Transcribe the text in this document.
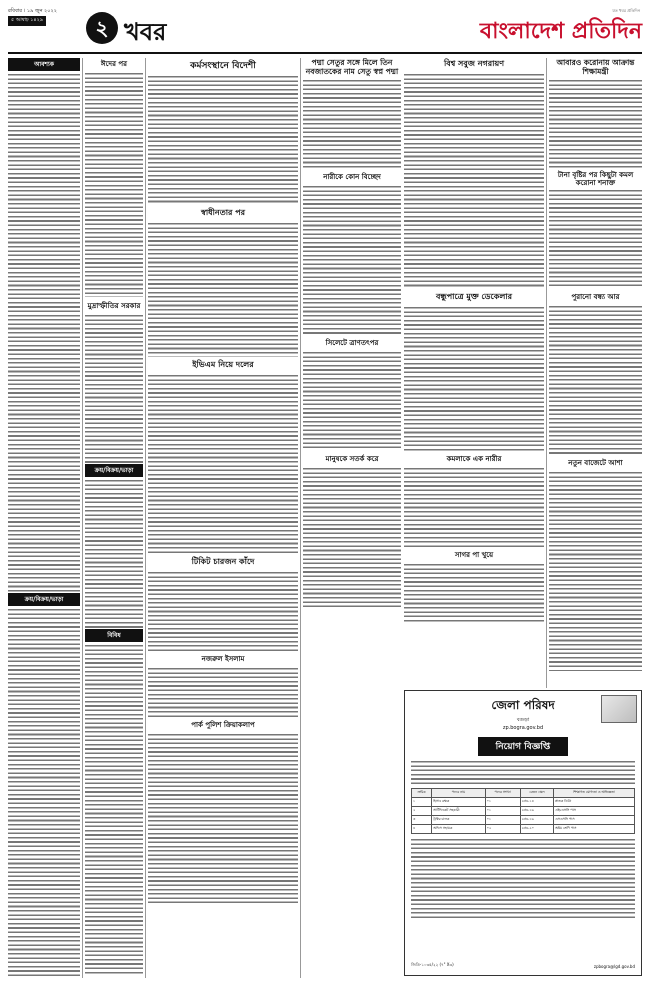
রবিবার । ১৯ জুন ২০২২
৫ আষাঢ় ১৪২৯	২ খবর
যত খবর প্রতিদিন
বাংলাদেশ প্রতিদিন
আবশ্যক
ক্রয়/বিক্রয়/ভাড়া
ঈদের পর
মুদ্রাস্ফীতির সরকার
ক্রয়/বিক্রয়/ভাড়া
বিবিধ
কর্মসংস্থানে বিদেশী
স্বাধীনতার পর
ইভিএম নিয়ে দলের
টিকিট চারজন কাঁদে
নজরুল ইসলাম
পার্ক পুলিশ ক্রিয়াকলাপ
পদ্মা সেতুর সঙ্গে মিলে তিন নবজাতকের নাম সেতু স্বপ্ন পদ্মা
নারীকে কোন বিচ্ছেদ
সিলেটে ত্রাণতৎপর
মানুষকে সতর্ক করে
বিশ্ব সবুজ নগরায়ণ
বন্ধুপাত্রে মুক্ত ডেকেলার
কমলাকে এক নারীর
সাগর পা খুয়ে
আবারও করোনায় আক্রান্ত শিক্ষামন্ত্রী
টানা বৃষ্টির পর কিছুটা কমল করোনা শনাক্ত
পুরানো বন্ধ্য আর
নতুন বাজেটে আশা
জেলা পরিষদ
বগুড়া
zp.bogra.gov.bd
নিয়োগ বিজ্ঞপ্তি
ক্রমিক	পদের নাম	পদের সংখ্যা	বেতন স্কেল	শিক্ষাগত যোগ্যতা ও অভিজ্ঞতা
১	হিসাব রক্ষক	০১	গ্রেড-১৪	স্নাতক ডিগ্রি
২	সার্টিফিকেট সহকারী	০১	গ্রেড-১৬	এইচএসসি পাস
৩	ট্রাক্টর চালক	০১	গ্রেড-১৬	এসএসসি পাস
৪	অফিস সহায়ক	০২	গ্রেড-২০	অষ্টম শ্রেণি পাস
জিডি-১০৩৫/২২ (৭" X৩)	zpbogra@lgd.gov.bd
